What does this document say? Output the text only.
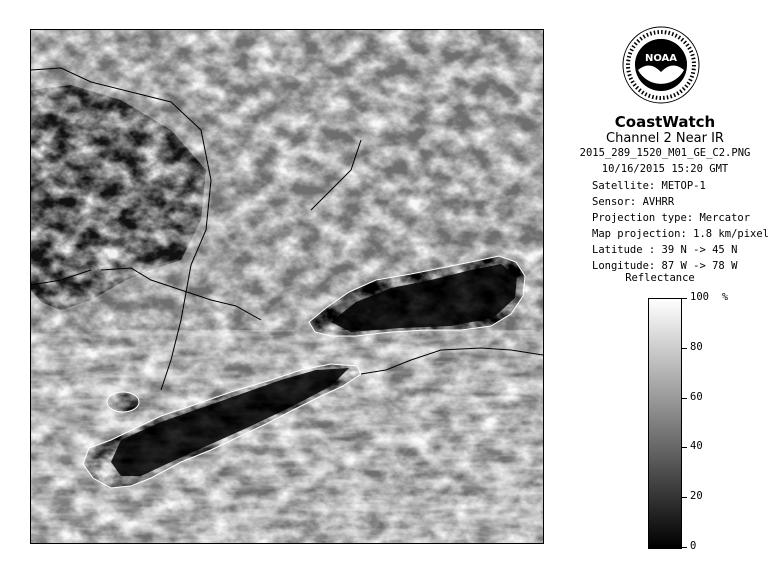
NOAA
CoastWatch
Channel 2 Near IR
2015_289_1520_M01_GE_C2.PNG
10/16/2015 15:20 GMT
Satellite: METOP-1
Sensor: AVHRR
Projection type: Mercator
Map projection: 1.8 km/pixel
Latitude : 39 N -> 45 N
Longitude: 87 W -> 78 W
Reflectance
%
100
80
60
40
20
0
